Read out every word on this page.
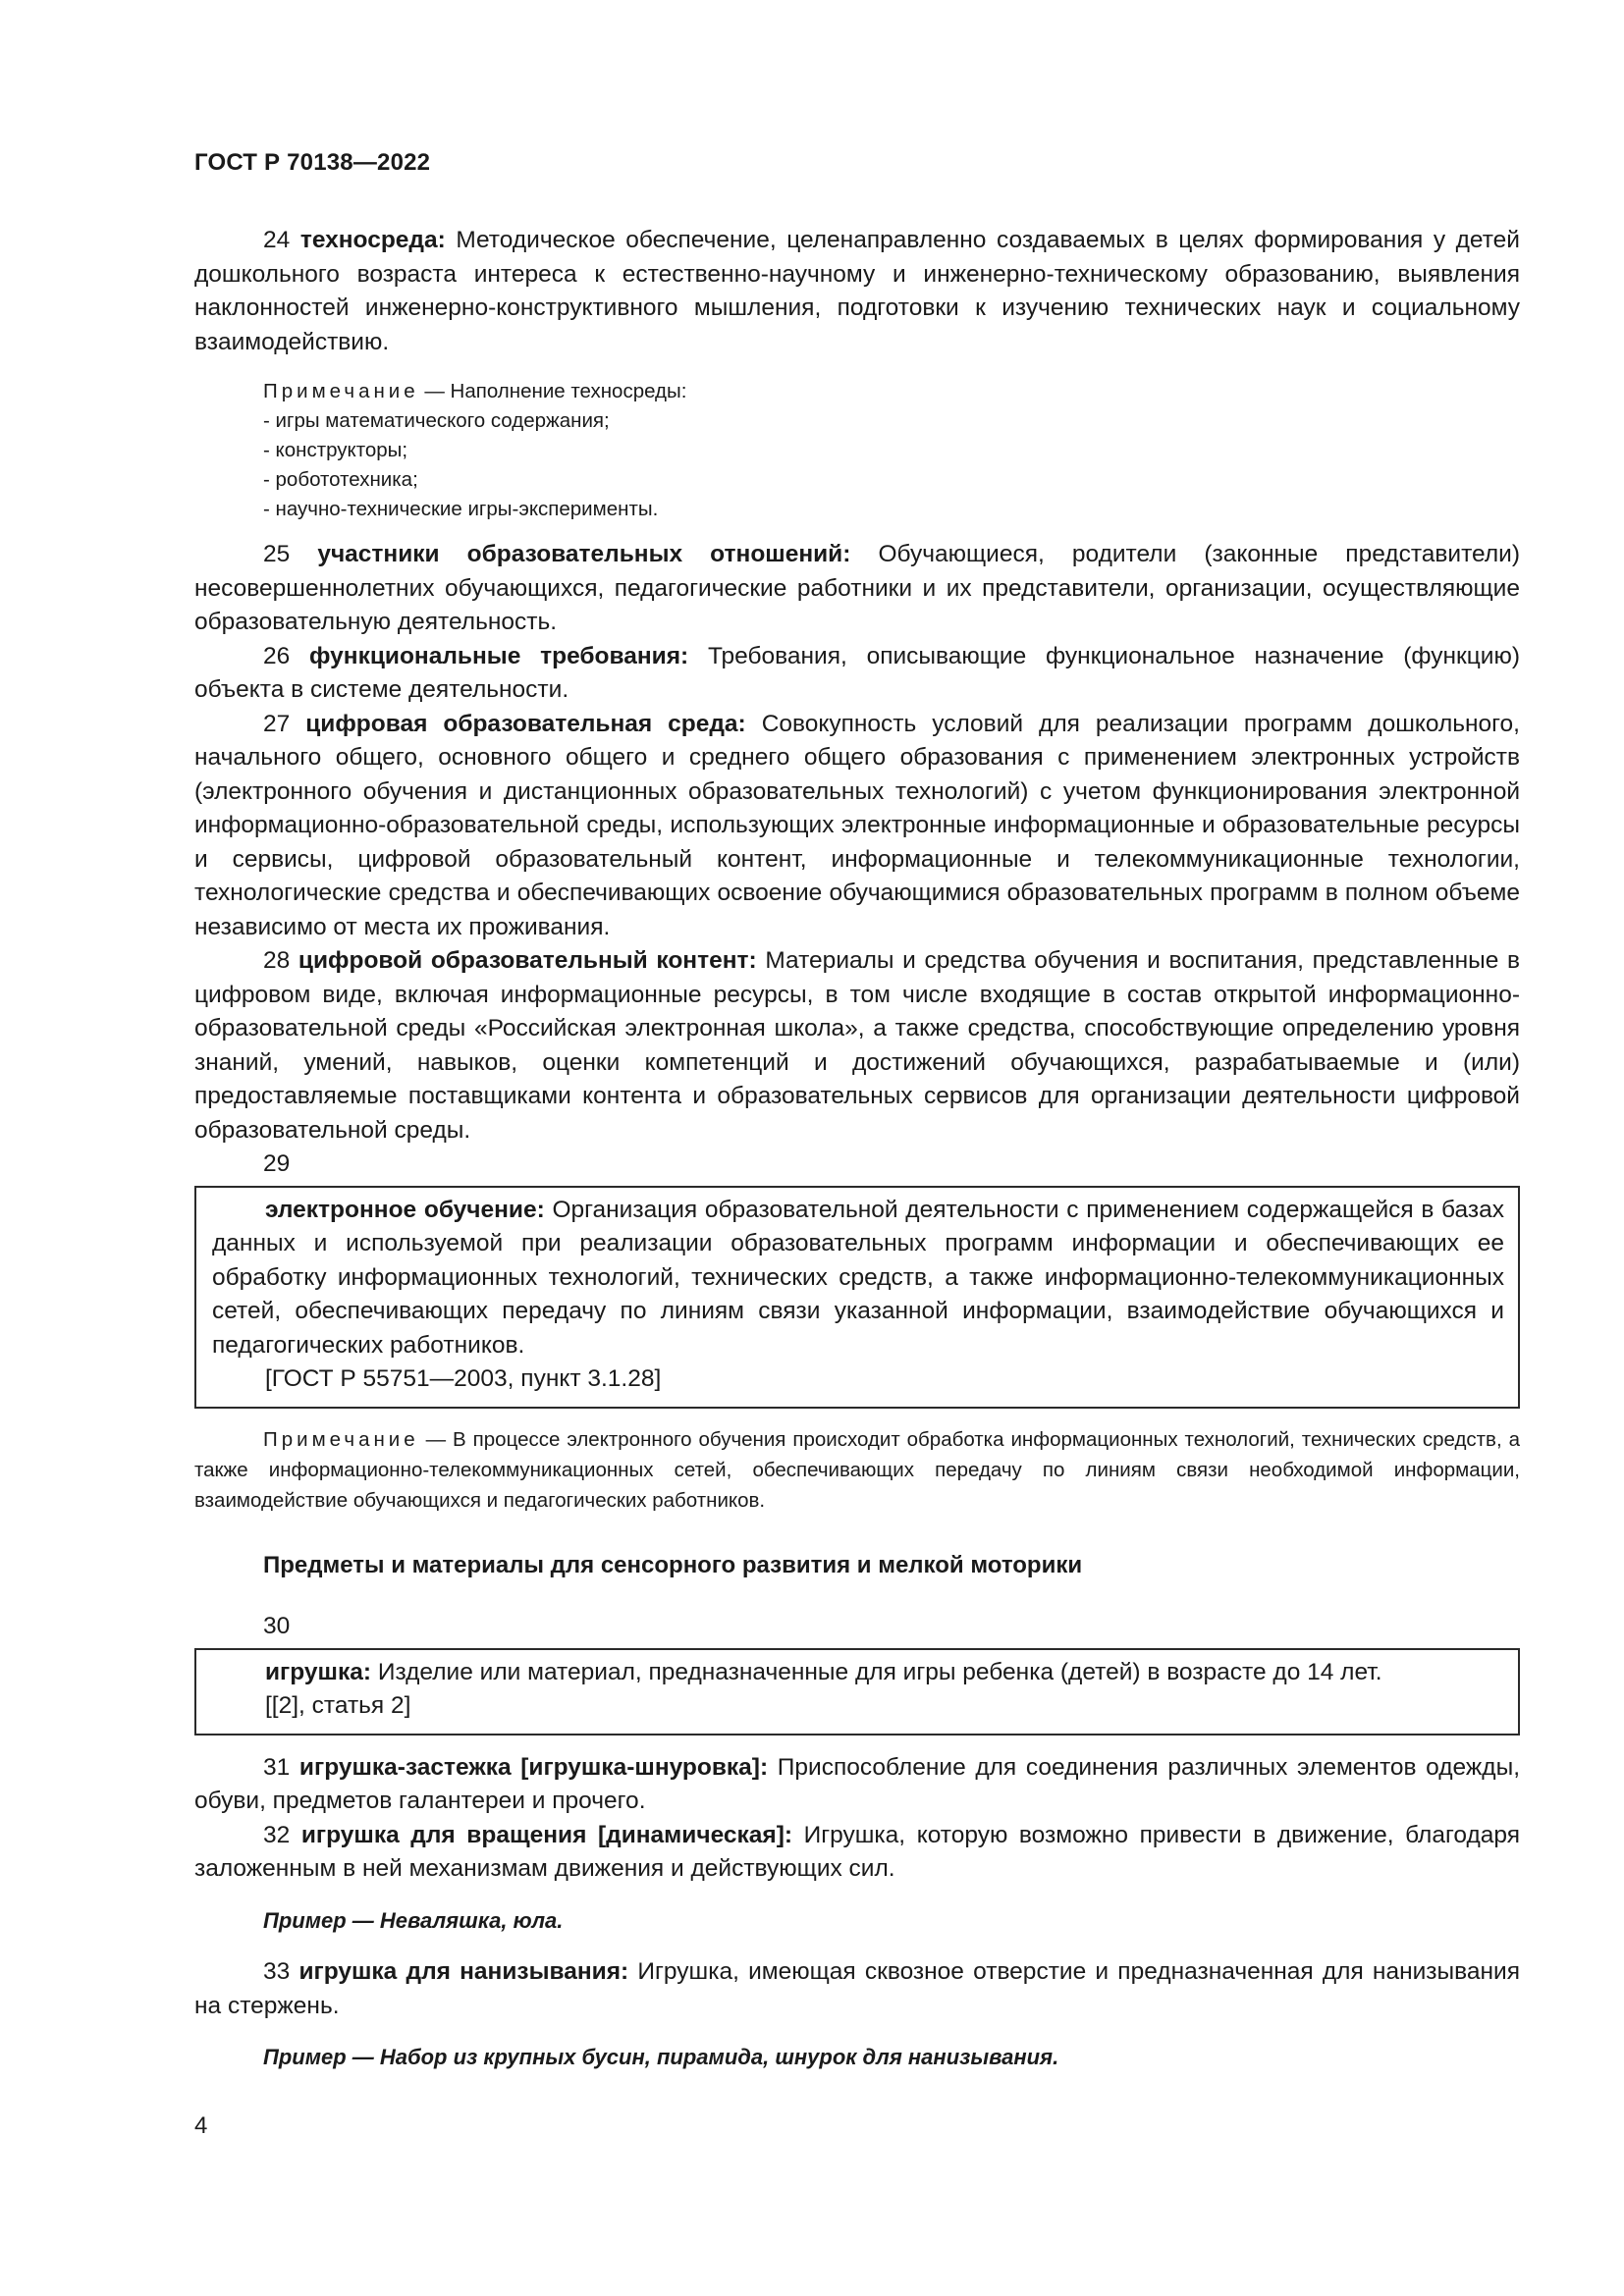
ГОСТ Р 70138—2022

24 техносреда: Методическое обеспечение, целенаправленно создаваемых в целях формирования у детей дошкольного возраста интереса к естественно-научному и инженерно-техническому образованию, выявления наклонностей инженерно-конструктивного мышления, подготовки к изучению технических наук и социальному взаимодействию.

Примечание — Наполнение техносреды:
- игры математического содержания;
- конструкторы;
- робототехника;
- научно-технические игры-эксперименты.

25 участники образовательных отношений: Обучающиеся, родители (законные представители) несовершеннолетних обучающихся, педагогические работники и их представители, организации, осуществляющие образовательную деятельность.

26 функциональные требования: Требования, описывающие функциональное назначение (функцию) объекта в системе деятельности.

27 цифровая образовательная среда: Совокупность условий для реализации программ дошкольного, начального общего, основного общего и среднего общего образования с применением электронных устройств (электронного обучения и дистанционных образовательных технологий) с учетом функционирования электронной информационно-образовательной среды, использующих электронные информационные и образовательные ресурсы и сервисы, цифровой образовательный контент, информационные и телекоммуникационные технологии, технологические средства и обеспечивающих освоение обучающимися образовательных программ в полном объеме независимо от места их проживания.

28 цифровой образовательный контент: Материалы и средства обучения и воспитания, представленные в цифровом виде, включая информационные ресурсы, в том числе входящие в состав открытой информационно-образовательной среды «Российская электронная школа», а также средства, способствующие определению уровня знаний, умений, навыков, оценки компетенций и достижений обучающихся, разрабатываемые и (или) предоставляемые поставщиками контента и образовательных сервисов для организации деятельности цифровой образовательной среды.

29

электронное обучение: Организация образовательной деятельности с применением содержащейся в базах данных и используемой при реализации образовательных программ информации и обеспечивающих ее обработку информационных технологий, технических средств, а также информационно-телекоммуникационных сетей, обеспечивающих передачу по линиям связи указанной информации, взаимодействие обучающихся и педагогических работников.

[ГОСТ Р 55751—2003, пункт 3.1.28]

Примечание — В процессе электронного обучения происходит обработка информационных технологий, технических средств, а также информационно-телекоммуникационных сетей, обеспечивающих передачу по линиям связи необходимой информации, взаимодействие обучающихся и педагогических работников.

Предметы и материалы для сенсорного развития и мелкой моторики
30

игрушка: Изделие или материал, предназначенные для игры ребенка (детей) в возрасте до 14 лет.

[[2], статья 2]

31 игрушка-застежка [игрушка-шнуровка]: Приспособление для соединения различных элементов одежды, обуви, предметов галантереи и прочего.

32 игрушка для вращения [динамическая]: Игрушка, которую возможно привести в движение, благодаря заложенным в ней механизмам движения и действующих сил.

Пример — Неваляшка, юла.

33 игрушка для нанизывания: Игрушка, имеющая сквозное отверстие и предназначенная для нанизывания на стержень.

Пример — Набор из крупных бусин, пирамида, шнурок для нанизывания.
4
